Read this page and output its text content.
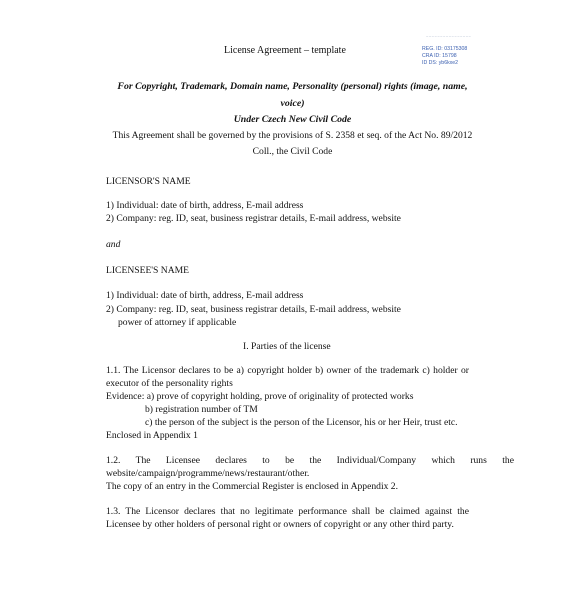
~~~~~~~~~~~~~~~~
REG. ID: 03175308
CRA ID: 15798
ID DS: yb6kxe2
License Agreement – template
For Copyright, Trademark, Domain name, Personality (personal) rights (image, name,
voice)
Under Czech New Civil Code
This Agreement shall be governed by the provisions of S. 2358 et seq. of the Act No. 89/2012
Coll., the Civil Code
LICENSOR'S NAME
1) Individual: date of birth, address, E-mail address
2) Company: reg. ID, seat, business registrar details, E-mail address, website
and
LICENSEE'S NAME
1) Individual: date of birth, address, E-mail address
2) Company: reg. ID, seat, business registrar details, E-mail address, website
power of attorney if applicable
I. Parties of the license
1.1. The Licensor declares to be a) copyright holder b) owner of the trademark c) holder or
executor of the personality rights
Evidence: a) prove of copyright holding, prove of originality of protected works
b) registration number of TM
c) the person of the subject is the person of the Licensor, his or her Heir, trust etc.
Enclosed in Appendix 1
1.2. The Licensee declares to be the Individual/Company which runs the
website/campaign/programme/news/restaurant/other.
The copy of an entry in the Commercial Register is enclosed in Appendix 2.
1.3. The Licensor declares that no legitimate performance shall be claimed against the
Licensee by other holders of personal right or owners of copyright or any other third party.
